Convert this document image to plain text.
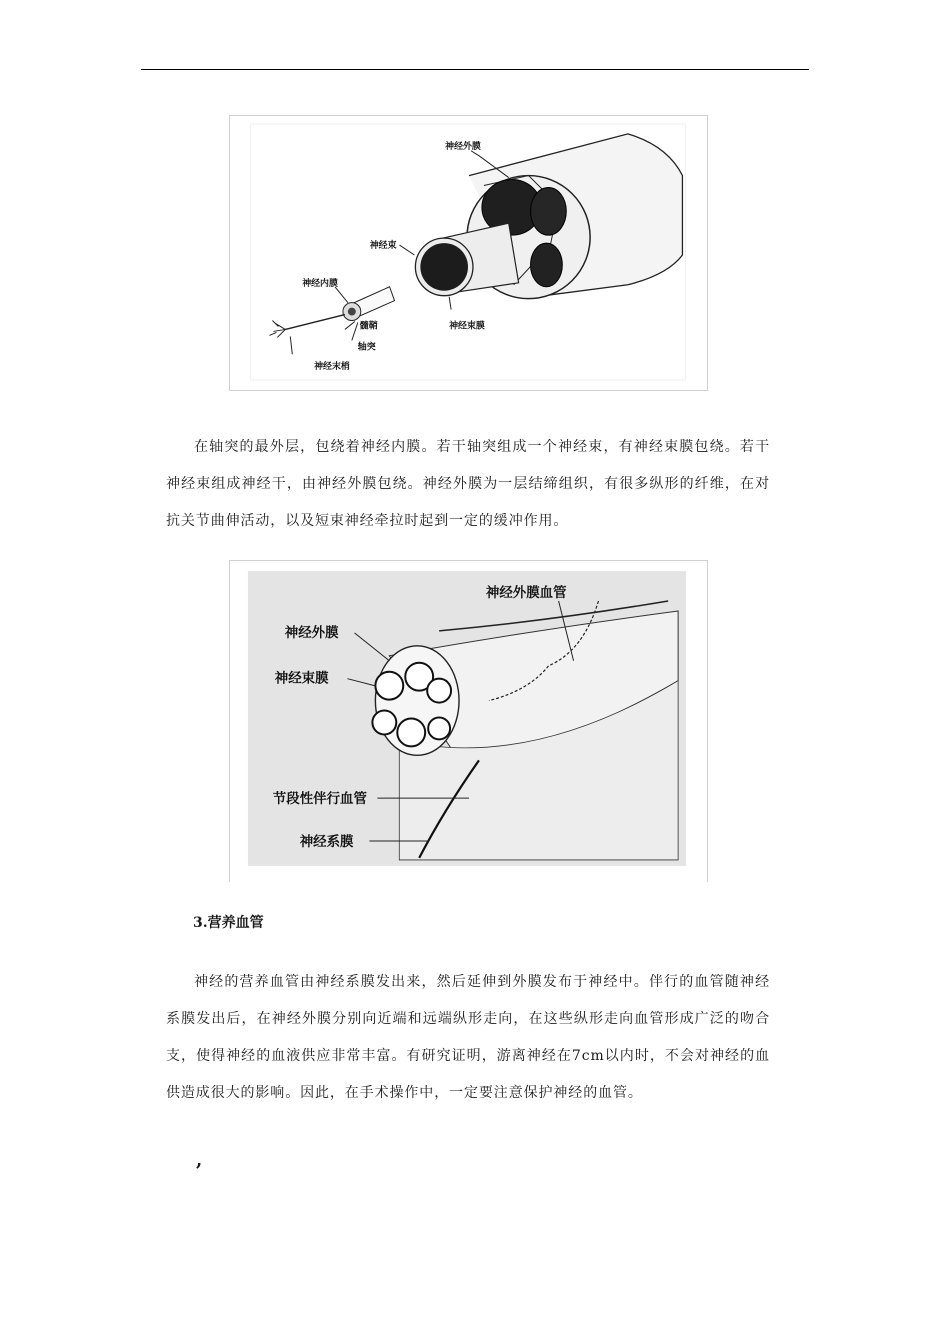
神经外膜
神经束
神经内膜
髓鞘	神经束膜
轴突
神经末梢

在轴突的最外层，包绕着神经内膜。若干轴突组成一个神经束，有神经束膜包绕。若干神经束组成神经干，由神经外膜包绕。神经外膜为一层结缔组织，有很多纵形的纤维，在对抗关节曲伸活动，以及短束神经牵拉时起到一定的缓冲作用。

神经外膜血管
神经外膜
神经束膜
节段性伴行血管
神经系膜

3.营养血管

神经的营养血管由神经系膜发出来，然后延伸到外膜发布于神经中。伴行的血管随神经系膜发出后，在神经外膜分别向近端和远端纵形走向，在这些纵形走向血管形成广泛的吻合支，使得神经的血液供应非常丰富。有研究证明，游离神经在7cm以内时，不会对神经的血供造成很大的影响。因此，在手术操作中，一定要注意保护神经的血管。

,
